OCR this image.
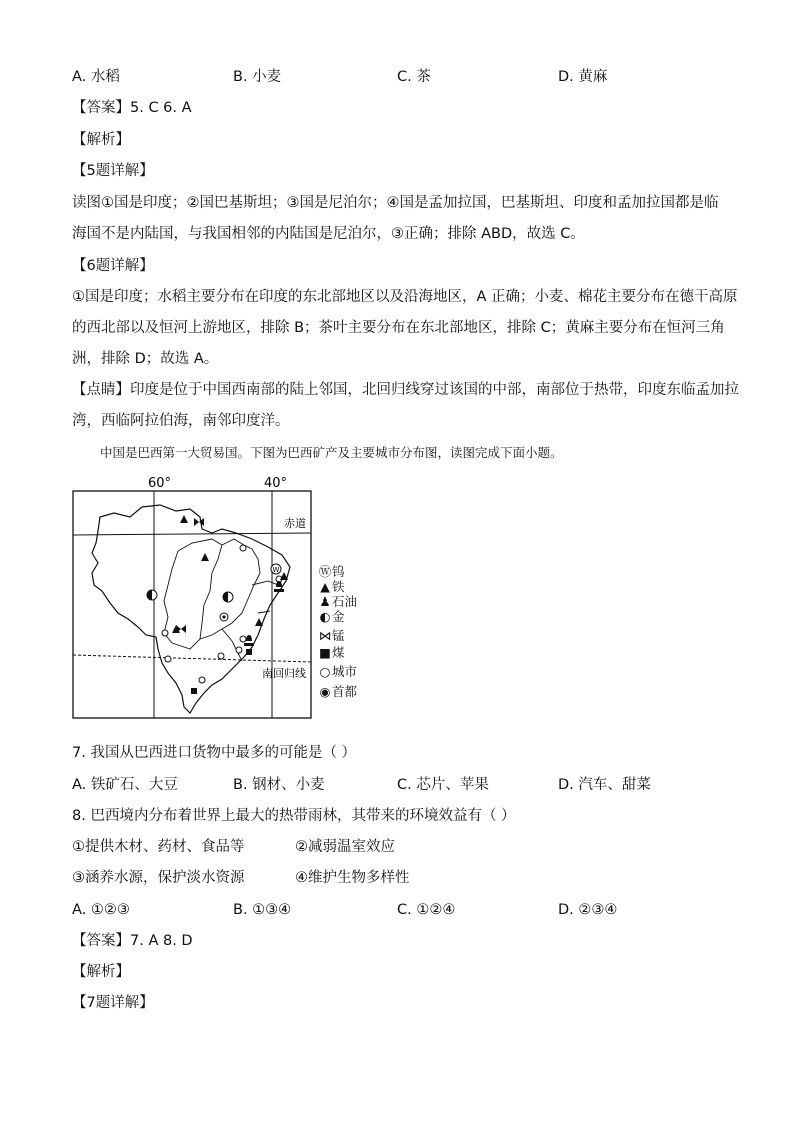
A. 水稻	B. 小麦	C. 茶	D. 黄麻
【答案】5. C 6. A
【解析】
【5题详解】
读图①国是印度；②国巴基斯坦；③国是尼泊尔；④国是孟加拉国，巴基斯坦、印度和孟加拉国都是临
海国不是内陆国，与我国相邻的内陆国是尼泊尔，③正确；排除 ABD，故选 C。
【6题详解】
①国是印度；水稻主要分布在印度的东北部地区以及沿海地区，A 正确；小麦、棉花主要分布在德干高原
的西北部以及恒河上游地区，排除 B；茶叶主要分布在东北部地区，排除 C；黄麻主要分布在恒河三角
洲，排除 D；故选 A。
【点睛】印度是位于中国西南部的陆上邻国，北回归线穿过该国的中部，南部位于热带，印度东临孟加拉
湾，西临阿拉伯海，南邻印度洋。
中国是巴西第一大贸易国。下图为巴西矿产及主要城市分布图，读图完成下面小题。
60°	40°
赤道
南回归线
W	Ⓦ钨
▲ 铁
♟石油
◐ 金
⋈锰
■煤
○ 城市
◉ 首都
7. 我国从巴西进口货物中最多的可能是（ ）
A. 铁矿石、大豆	B. 钢材、小麦	C. 芯片、苹果	D. 汽车、甜菜
8. 巴西境内分布着世界上最大的热带雨林，其带来的环境效益有（ ）
①提供木材、药材、食品等	②减弱温室效应
③涵养水源，保护淡水资源	④维护生物多样性
A. ①②③	B. ①③④	C. ①②④	D. ②③④
【答案】7. A 8. D
【解析】
【7题详解】
